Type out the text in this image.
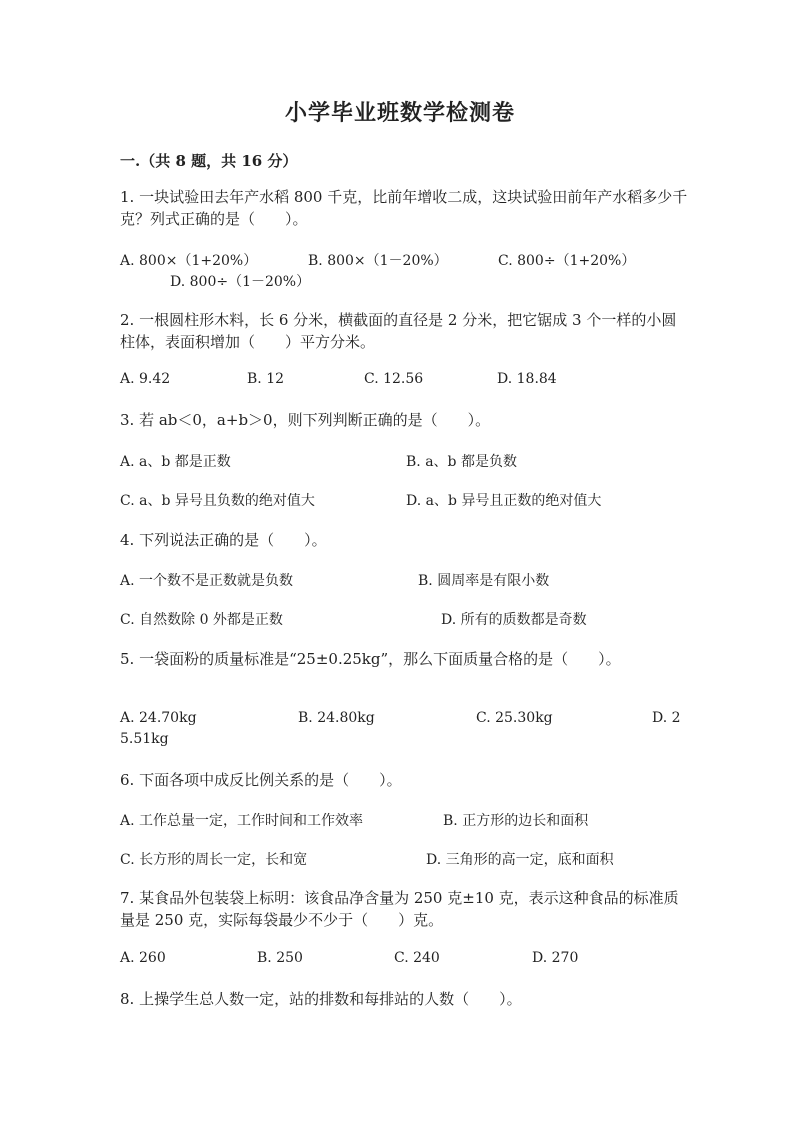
小学毕业班数学检测卷
一.（共 8 题，共 16 分）
1. 一块试验田去年产水稻 800 千克，比前年增收二成，这块试验田前年产水稻多少千克？列式正确的是（　　）。
A. 800×（1+20%）	B. 800×（1－20%）	C. 800÷（1+20%）
D. 800÷（1－20%）
2. 一根圆柱形木料，长 6 分米，横截面的直径是 2 分米，把它锯成 3 个一样的小圆柱体，表面积增加（　　）平方分米。
A. 9.42	B. 12	C. 12.56	D. 18.84
3. 若 ab＜0，a+b＞0，则下列判断正确的是（　　）。
A. a、b 都是正数	B. a、b 都是负数
C. a、b 异号且负数的绝对值大	D. a、b 异号且正数的绝对值大
4. 下列说法正确的是（　　）。
A. 一个数不是正数就是负数	B. 圆周率是有限小数
C. 自然数除 0 外都是正数	D. 所有的质数都是奇数
5. 一袋面粉的质量标准是“25±0.25kg”，那么下面质量合格的是（　　）。
A. 24.70kg	B. 24.80kg	C. 25.30kg	D. 2
5.51kg
6. 下面各项中成反比例关系的是（　　）。
A. 工作总量一定，工作时间和工作效率	B. 正方形的边长和面积
C. 长方形的周长一定，长和宽	D. 三角形的高一定，底和面积
7. 某食品外包装袋上标明：该食品净含量为 250 克±10 克，表示这种食品的标准质量是 250 克，实际每袋最少不少于（　　）克。
A. 260	B. 250	C. 240	D. 270
8. 上操学生总人数一定，站的排数和每排站的人数（　　）。
